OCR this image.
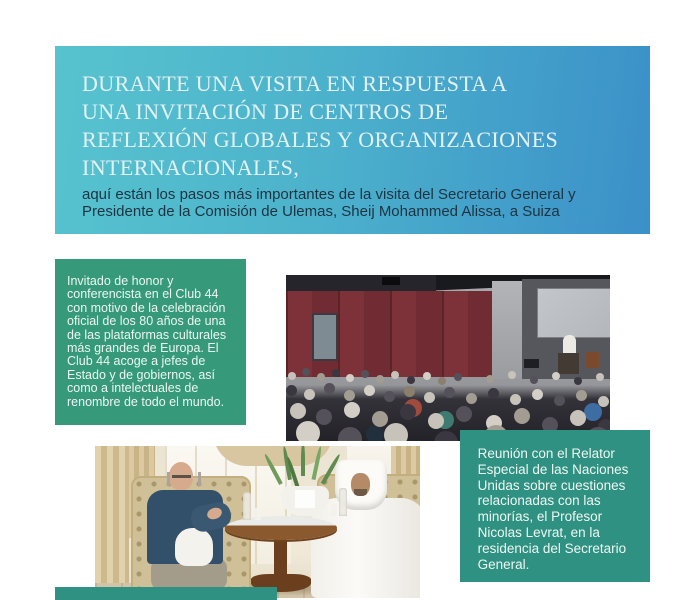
DURANTE UNA VISITA EN RESPUESTA A
UNA INVITACIÓN DE CENTROS DE
REFLEXIÓN GLOBALES Y ORGANIZACIONES
INTERNACIONALES,

aquí están los pasos más importantes de la visita del Secretario General y
Presidente de la Comisión de Ulemas, Sheij Mohammed Alissa, a Suiza

Invitado de honor y conferencista en el Club 44 con motivo de la celebración oficial de los 80 años de una de las plataformas culturales más grandes de Europa. El Club 44 acoge a jefes de Estado y de gobiernos, así como a intelectuales de renombre de todo el mundo.

Reunión con el Relator Especial de las Naciones Unidas sobre cuestiones relacionadas con las minorías, el Profesor Nicolas Levrat, en la residencia del Secretario General.
